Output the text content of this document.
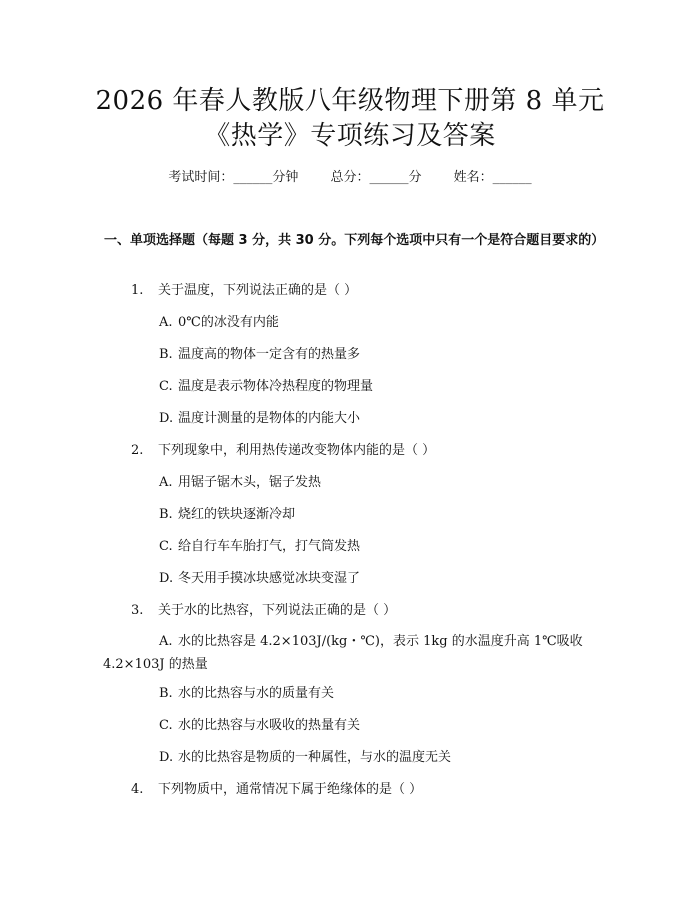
2026 年春人教版八年级物理下册第 8 单元
《热学》专项练习及答案
考试时间：______分钟 总分：______分 姓名：______
一、单项选择题（每题 3 分，共 30 分。下列每个选项中只有一个是符合题目要求的）
1. 关于温度，下列说法正确的是（ ）
A. 0℃的冰没有内能
B. 温度高的物体一定含有的热量多
C. 温度是表示物体冷热程度的物理量
D. 温度计测量的是物体的内能大小
2. 下列现象中，利用热传递改变物体内能的是（ ）
A. 用锯子锯木头，锯子发热
B. 烧红的铁块逐渐冷却
C. 给自行车车胎打气，打气筒发热
D. 冬天用手摸冰块感觉冰块变湿了
3. 关于水的比热容，下列说法正确的是（ ）
A. 水的比热容是 4.2×103J/(kg・℃)，表示 1kg 的水温度升高 1℃吸收 4.2×103J 的热量
B. 水的比热容与水的质量有关
C. 水的比热容与水吸收的热量有关
D. 水的比热容是物质的一种属性，与水的温度无关
4. 下列物质中，通常情况下属于绝缘体的是（ ）
